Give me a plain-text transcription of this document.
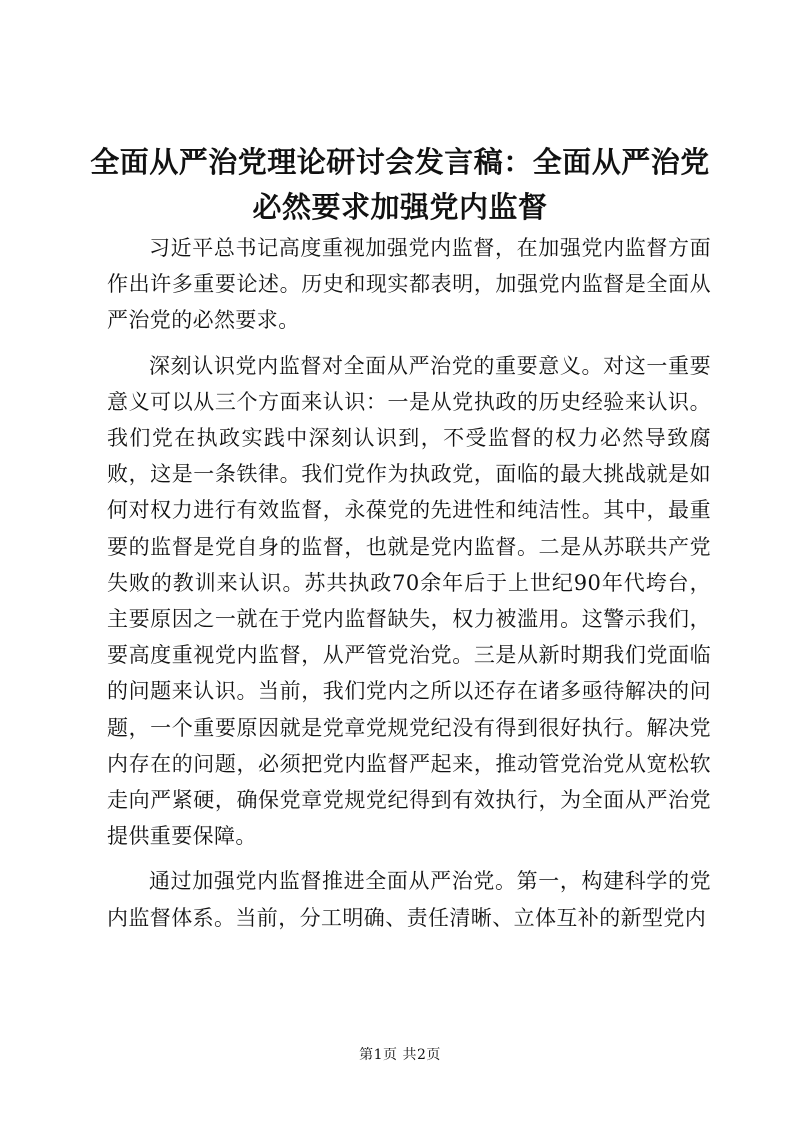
全面从严治党理论研讨会发言稿：全面从严治党必然要求加强党内监督

习近平总书记高度重视加强党内监督，在加强党内监督方面作出许多重要论述。历史和现实都表明，加强党内监督是全面从严治党的必然要求。

深刻认识党内监督对全面从严治党的重要意义。对这一重要意义可以从三个方面来认识：一是从党执政的历史经验来认识。我们党在执政实践中深刻认识到，不受监督的权力必然导致腐败，这是一条铁律。我们党作为执政党，面临的最大挑战就是如何对权力进行有效监督，永葆党的先进性和纯洁性。其中，最重要的监督是党自身的监督，也就是党内监督。二是从苏联共产党失败的教训来认识。苏共执政70余年后于上世纪90年代垮台，主要原因之一就在于党内监督缺失，权力被滥用。这警示我们，要高度重视党内监督，从严管党治党。三是从新时期我们党面临的问题来认识。当前，我们党内之所以还存在诸多亟待解决的问题，一个重要原因就是党章党规党纪没有得到很好执行。解决党内存在的问题，必须把党内监督严起来，推动管党治党从宽松软走向严紧硬，确保党章党规党纪得到有效执行，为全面从严治党提供重要保障。

通过加强党内监督推进全面从严治党。第一，构建科学的党内监督体系。当前，分工明确、责任清晰、立体互补的新型党内

第1页 共2页
